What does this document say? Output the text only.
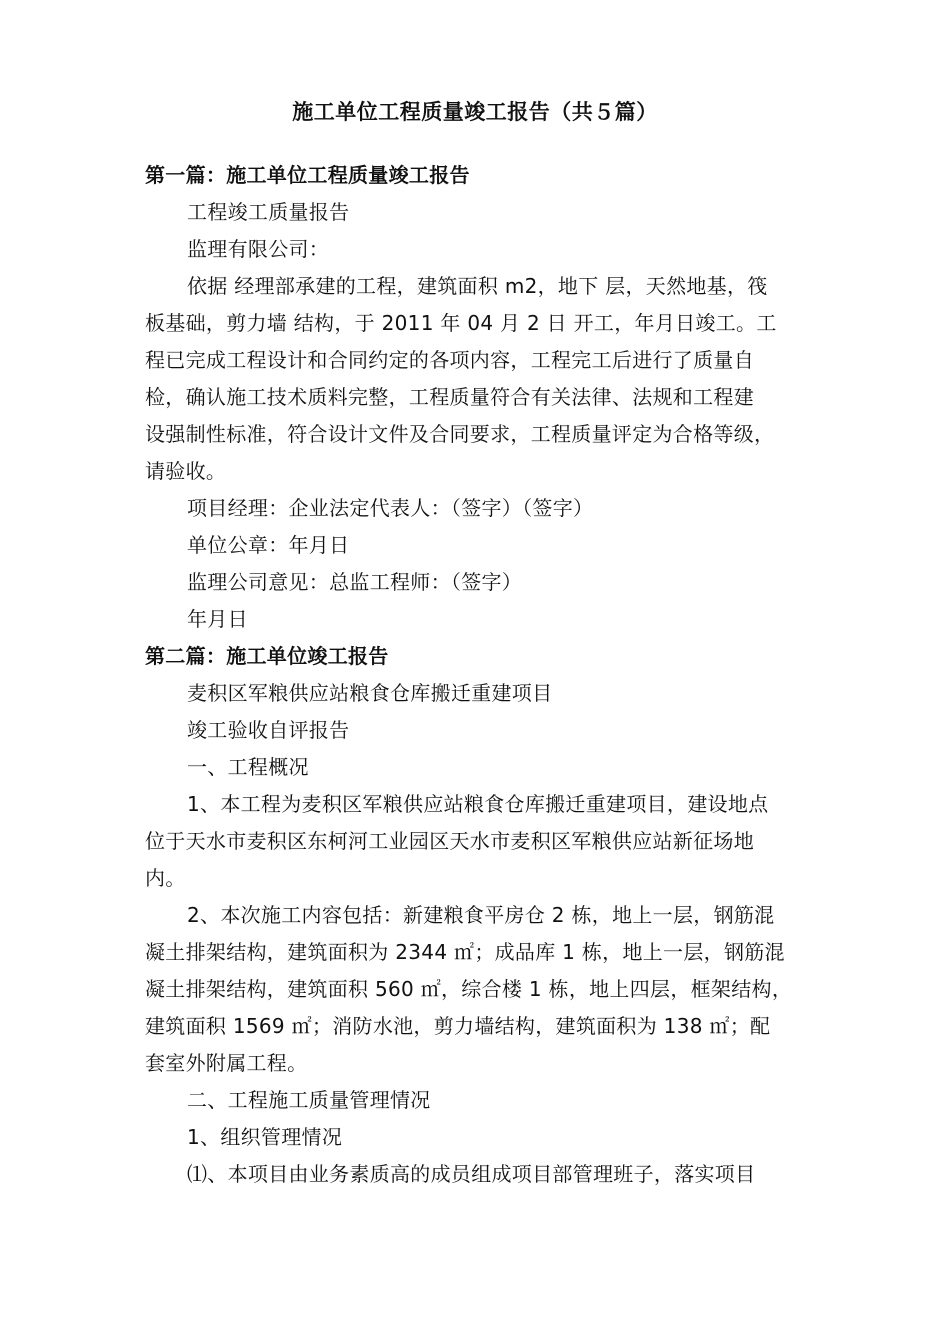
施工单位工程质量竣工报告（共５篇）
第一篇：施工单位工程质量竣工报告
工程竣工质量报告
监理有限公司：
依据 经理部承建的工程，建筑面积 m2，地下 层，天然地基，筏
板基础，剪力墙 结构，于 2011 年 04 月 2 日 开工，年月日竣工。工
程已完成工程设计和合同约定的各项内容，工程完工后进行了质量自
检，确认施工技术质料完整，工程质量符合有关法律、法规和工程建
设强制性标准，符合设计文件及合同要求，工程质量评定为合格等级，
请验收。
项目经理：企业法定代表人：（签字）（签字）
单位公章：年月日
监理公司意见：总监工程师：（签字）
年月日
第二篇：施工单位竣工报告
麦积区军粮供应站粮食仓库搬迁重建项目
竣工验收自评报告
一、工程概况
1、本工程为麦积区军粮供应站粮食仓库搬迁重建项目，建设地点
位于天水市麦积区东柯河工业园区天水市麦积区军粮供应站新征场地
内。
2、本次施工内容包括：新建粮食平房仓 2 栋，地上一层，钢筋混
凝土排架结构，建筑面积为 2344 ㎡；成品库 1 栋，地上一层，钢筋混
凝土排架结构，建筑面积 560 ㎡，综合楼 1 栋，地上四层，框架结构，
建筑面积 1569 ㎡；消防水池，剪力墙结构，建筑面积为 138 ㎡；配
套室外附属工程。
二、工程施工质量管理情况
1、组织管理情况
⑴、本项目由业务素质高的成员组成项目部管理班子，落实项目
